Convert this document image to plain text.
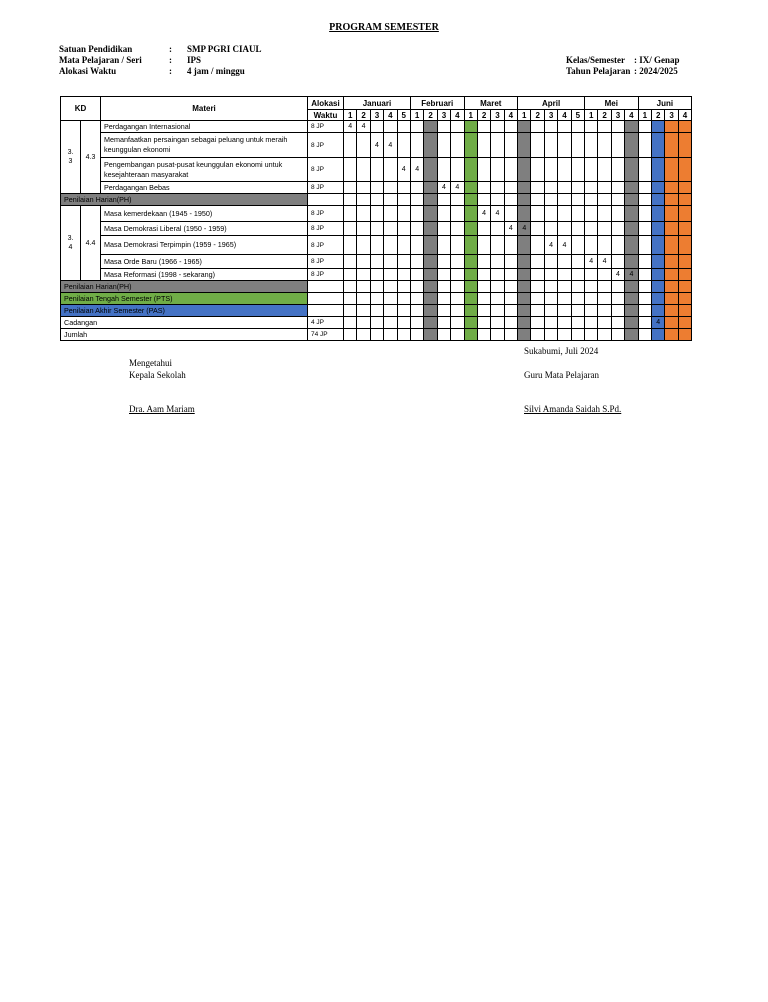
PROGRAM SEMESTER
Satuan Pendidikan	:	SMP PGRI CIAUL
Mata Pelajaran / Seri	:	IPS
Alokasi Waktu	:	4 jam / minggu
Kelas/Semester	: IX/ Genap
Tahun Pelajaran : 2024/2025
KD		Materi	Alokasi	Januari					Februari				Maret				April					Mei				Juni			
			Waktu	1	2	3	4	5	1	2	3	4	1	2	3	4	1	2	3	4	5	1	2	3	4	1	2	3	4
3.
3	4.3	Perdagangan Internasional	8 JP	4	4																								
		Memanfaatkan persaingan sebagai peluang untuk meraih keunggulan ekonomi	8 JP			4	4																						
		Pengembangan pusat-pusat keunggulan ekonomi untuk kesejahteraan masyarakat	8 JP					4	4																				
		Perdagangan Bebas	8 JP								4	4																	
Penilaian Harian(PH)																													
3.
4	4.4	Masa kemerdekaan (1945 - 1950)	8 JP											4	4														
		Masa Demokrasi Liberal (1950 - 1959)	8 JP													4	4												
		Masa Demokrasi Terpimpin (1959 - 1965)	8 JP																4	4									
		Masa Orde Baru (1966 - 1965)	8 JP																			4	4						
		Masa Reformasi (1998 - sekarang)	8 JP																					4	4				
Penilaian Harian(PH)																													
Penilaian Tengah Semester (PTS)																													
Penilaian Akhir Semester (PAS)																													
Cadangan			4 JP																								4		
Jumlah			74 JP																										
Mengetahui
Kepala Sekolah
Dra. Aam Mariam
Sukabumi, Juli 2024
Guru Mata Pelajaran
Silvi Amanda Saidah S.Pd.
